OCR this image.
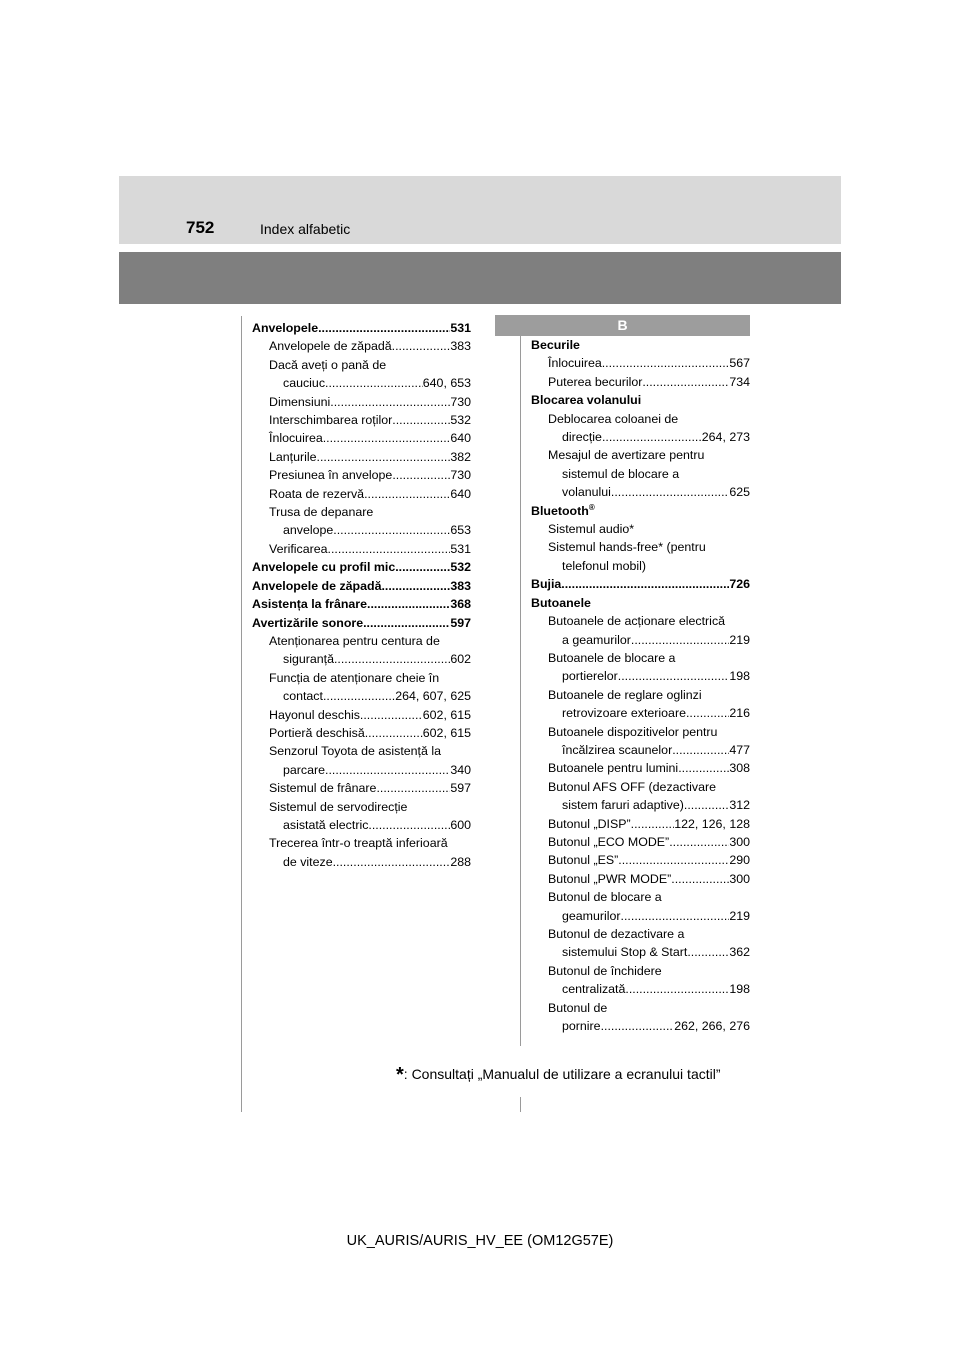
752	Index alfabetic
B
Anvelopele .....	531
Anvelopele de zăpadă .....	383
Dacă aveți o pană de
cauciuc .....	640, 653
Dimensiuni .....	730
Interschimbarea roților .....	532
Înlocuirea .....	640
Lanțurile .....	382
Presiunea în anvelope .....	730
Roata de rezervă .....	640
Trusa de depanare
anvelope .....	653
Verificarea .....	531
Anvelopele cu profil mic .....	532
Anvelopele de zăpadă .....	383
Asistența la frânare .....	368
Avertizările sonore .....	597
Atenționarea pentru centura de
siguranță .....	602
Funcția de atenționare cheie în
contact .....	264, 607, 625
Hayonul deschis .....	602, 615
Portieră deschisă .....	602, 615
Senzorul Toyota de asistență la
parcare .....	340
Sistemul de frânare .....	597
Sistemul de servodirecție
asistată electric .....	600
Trecerea într-o treaptă inferioară
de viteze .....	288
Becurile
Înlocuirea .....	567
Puterea becurilor .....	734
Blocarea volanului
Deblocarea coloanei de
direcție .....	264, 273
Mesajul de avertizare pentru
sistemul de blocare a
volanului .....	625
Bluetooth®
Sistemul audio*
Sistemul hands-free* (pentru
telefonul mobil)
Bujia .....	726
Butoanele
Butoanele de acționare electrică
a geamurilor .....	219
Butoanele de blocare a
portierelor .....	198
Butoanele de reglare oglinzi
retrovizoare exterioare .....	216
Butoanele dispozitivelor pentru
încălzirea scaunelor .....	477
Butoanele pentru lumini .....	308
Butonul AFS OFF (dezactivare
sistem faruri adaptive) .....	312
Butonul „DISP” .....	122, 126, 128
Butonul „ECO MODE” .....	300
Butonul „ES” .....	290
Butonul „PWR MODE” .....	300
Butonul de blocare a
geamurilor .....	219
Butonul de dezactivare a
sistemului Stop & Start .....	362
Butonul de închidere
centralizată .....	198
Butonul de
pornire .....	262, 266, 276
*: Consultați „Manualul de utilizare a ecranului tactil”
UK_AURIS/AURIS_HV_EE (OM12G57E)
